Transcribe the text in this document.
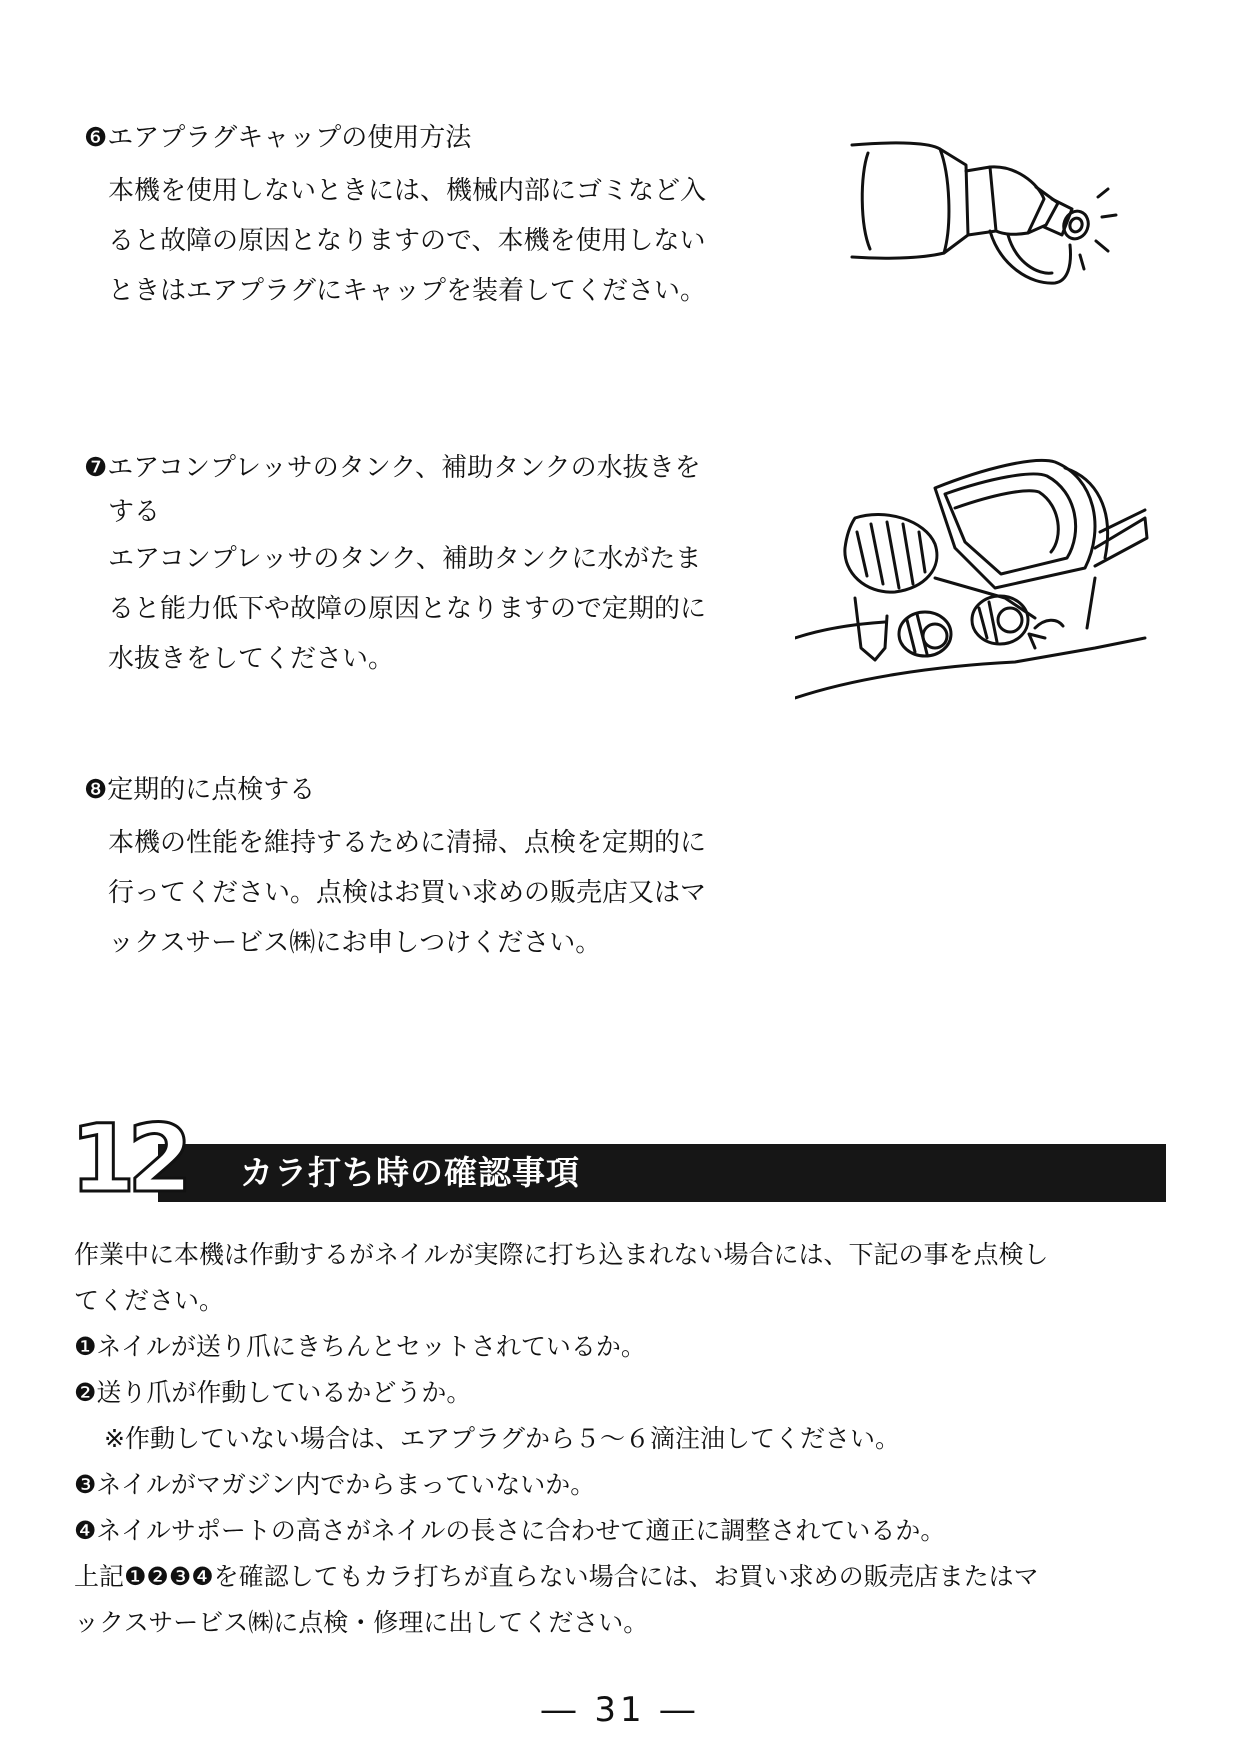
❻エアプラグキャップの使用方法

本機を使用しないときには、機械内部にゴミなど入
ると故障の原因となりますので、本機を使用しない
ときはエアプラグにキャップを装着してください。

❼エアコンプレッサのタンク、補助タンクの水抜きを
する

エアコンプレッサのタンク、補助タンクに水がたま
ると能力低下や故障の原因となりますので定期的に
水抜きをしてください。

❽定期的に点検する

本機の性能を維持するために清掃、点検を定期的に
行ってください。点検はお買い求めの販売店又はマ
ックスサービス㈱にお申しつけください。

カラ打ち時の確認事項
12

作業中に本機は作動するがネイルが実際に打ち込まれない場合には、下記の事を点検し
てください。

❶ネイルが送り爪にきちんとセットされているか。
❷送り爪が作動しているかどうか。
※作動していない場合は、エアプラグから５～６滴注油してください。
❸ネイルがマガジン内でからまっていないか。
❹ネイルサポートの高さがネイルの長さに合わせて適正に調整されているか。

上記❶❷❸❹を確認してもカラ打ちが直らない場合には、お買い求めの販売店またはマ
ックスサービス㈱に点検・修理に出してください。

― 31 ―
